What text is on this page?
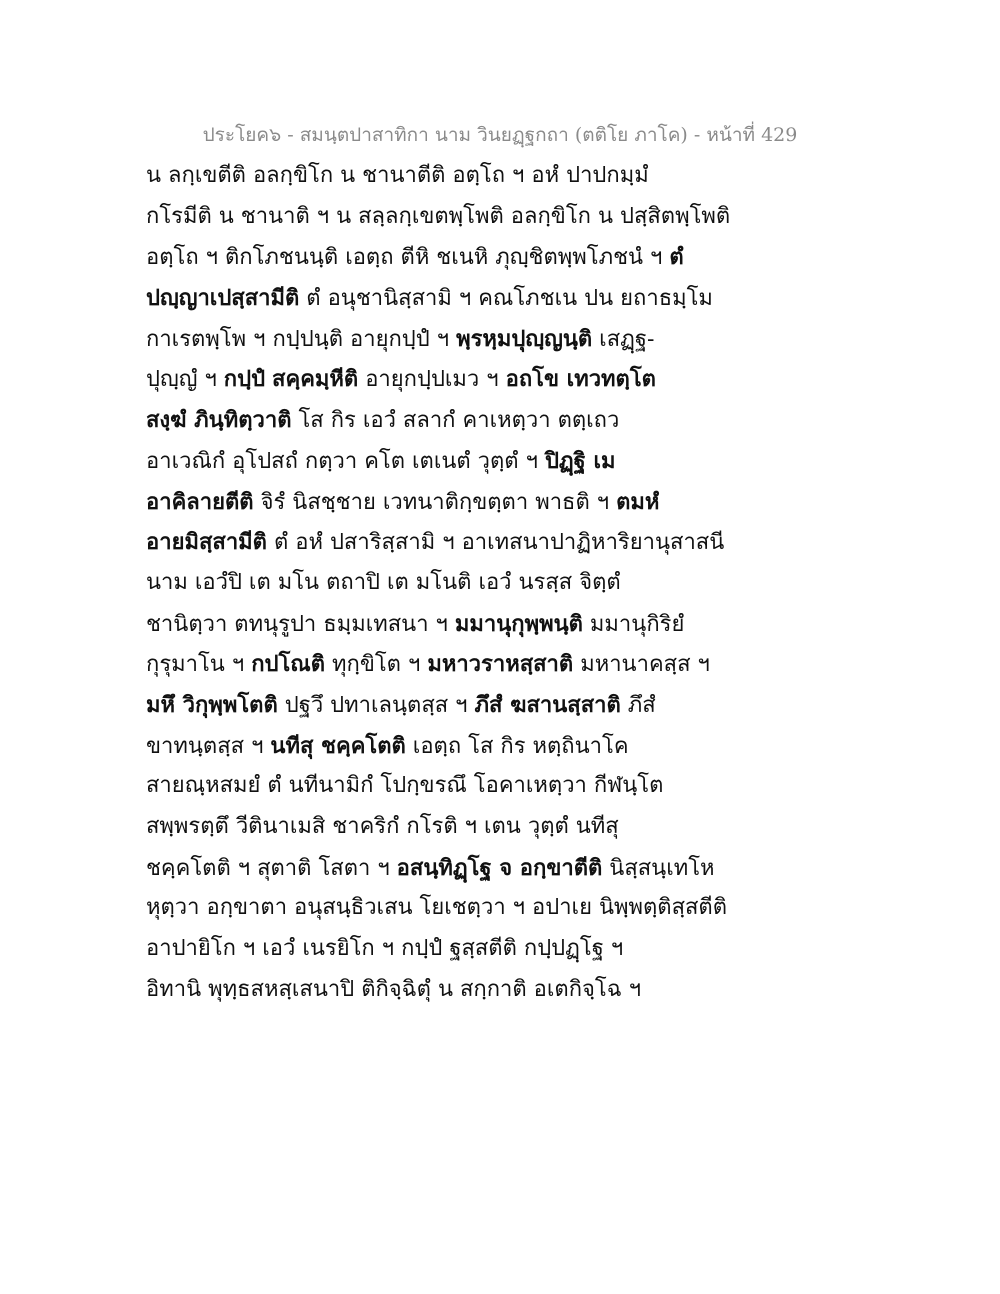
ประโยค๖ - สมนฺตปาสาทิกา นาม วินยฏฺฐกถา (ตติโย ภาโค) - หน้าที่ 429
น ลกฺเขตีติ อลกฺขิโก น ชานาตีติ อตฺโถ ฯ อหํ ปาปกมฺมํ
กโรมีติ น ชานาติ ฯ น สลฺลกฺเขตพฺโพติ อลกฺขิโก น ปสฺสิตพฺโพติ
อตฺโถ ฯ ติกโภชนนฺติ เอตฺถ ตีหิ ชเนหิ ภุญฺชิตพฺพโภชนํ ฯ ตํ
ปญฺญาเปสฺสามีติ ตํ อนุชานิสฺสามิ ฯ คณโภชเน ปน ยถาธมฺโม
กาเรตพฺโพ ฯ กปฺปนฺติ อายุกปฺปํ ฯ พฺรหฺมปุญฺญนฺติ เสฏฺฐ-
ปุญฺญํ ฯ กปฺปํ สคฺคมฺหีติ อายุกปฺปเมว ฯ อถโข เทวทตฺโต
สงฺฆํ ภินฺทิตฺวาติ โส กิร เอวํ สลากํ คาเหตฺวา ตตฺเถว
อาเวณิกํ อุโปสถํ กตฺวา คโต เตเนตํ วุตฺตํ ฯ ปิฏฺฐิ เม
อาคิลายตีติ จิรํ นิสชฺชาย เวทนาติกฺขตฺตา พาธติ ฯ ตมหํ
อายมิสฺสามีติ ตํ อหํ ปสาริสฺสามิ ฯ อาเทสนาปาฏิหาริยานุสาสนี
นาม เอวํปิ เต มโน ตถาปิ เต มโนติ เอวํ นรสฺส จิตฺตํ
ชานิตฺวา ตทนุรูปา ธมฺมเทสนา ฯ มมานุกุพฺพนฺติ มมานุกิริยํ
กุรุมาโน ฯ กปโณติ ทุกฺขิโต ฯ มหาวราหสฺสาติ มหานาคสฺส ฯ
มหึ วิกุพฺพโตติ ปฐวึ ปทาเลนฺตสฺส ฯ ภึสํ ฆสานสฺสาติ ภึสํ
ขาทนฺตสฺส ฯ นทีสุ ชคฺคโตติ เอตฺถ โส กิร หตฺถินาโค
สายณฺหสมยํ ตํ นทีนามิกํ โปกฺขรณึ โอคาเหตฺวา กีฬนฺโต
สพฺพรตฺตึ วีตินาเมสิ ชาคริกํ กโรติ ฯ เตน วุตฺตํ นทีสุ
ชคฺคโตติ ฯ สุตาติ โสตา ฯ อสนฺทิฏฺโฐ จ อกฺขาตีติ นิสฺสนฺเทโห
หุตฺวา อกฺขาตา อนุสนฺธิวเสน โยเชตฺวา ฯ อปาเย นิพฺพตฺติสฺสตีติ
อาปายิโก ฯ เอวํ เนรยิโก ฯ กปฺปํ ฐสฺสตีติ กปฺปฏฺโฐ ฯ
อิทานิ พุทฺธสหสฺเสนาปิ ติกิจฺฉิตุํ น สกฺกาติ อเตกิจฺโฉ ฯ
